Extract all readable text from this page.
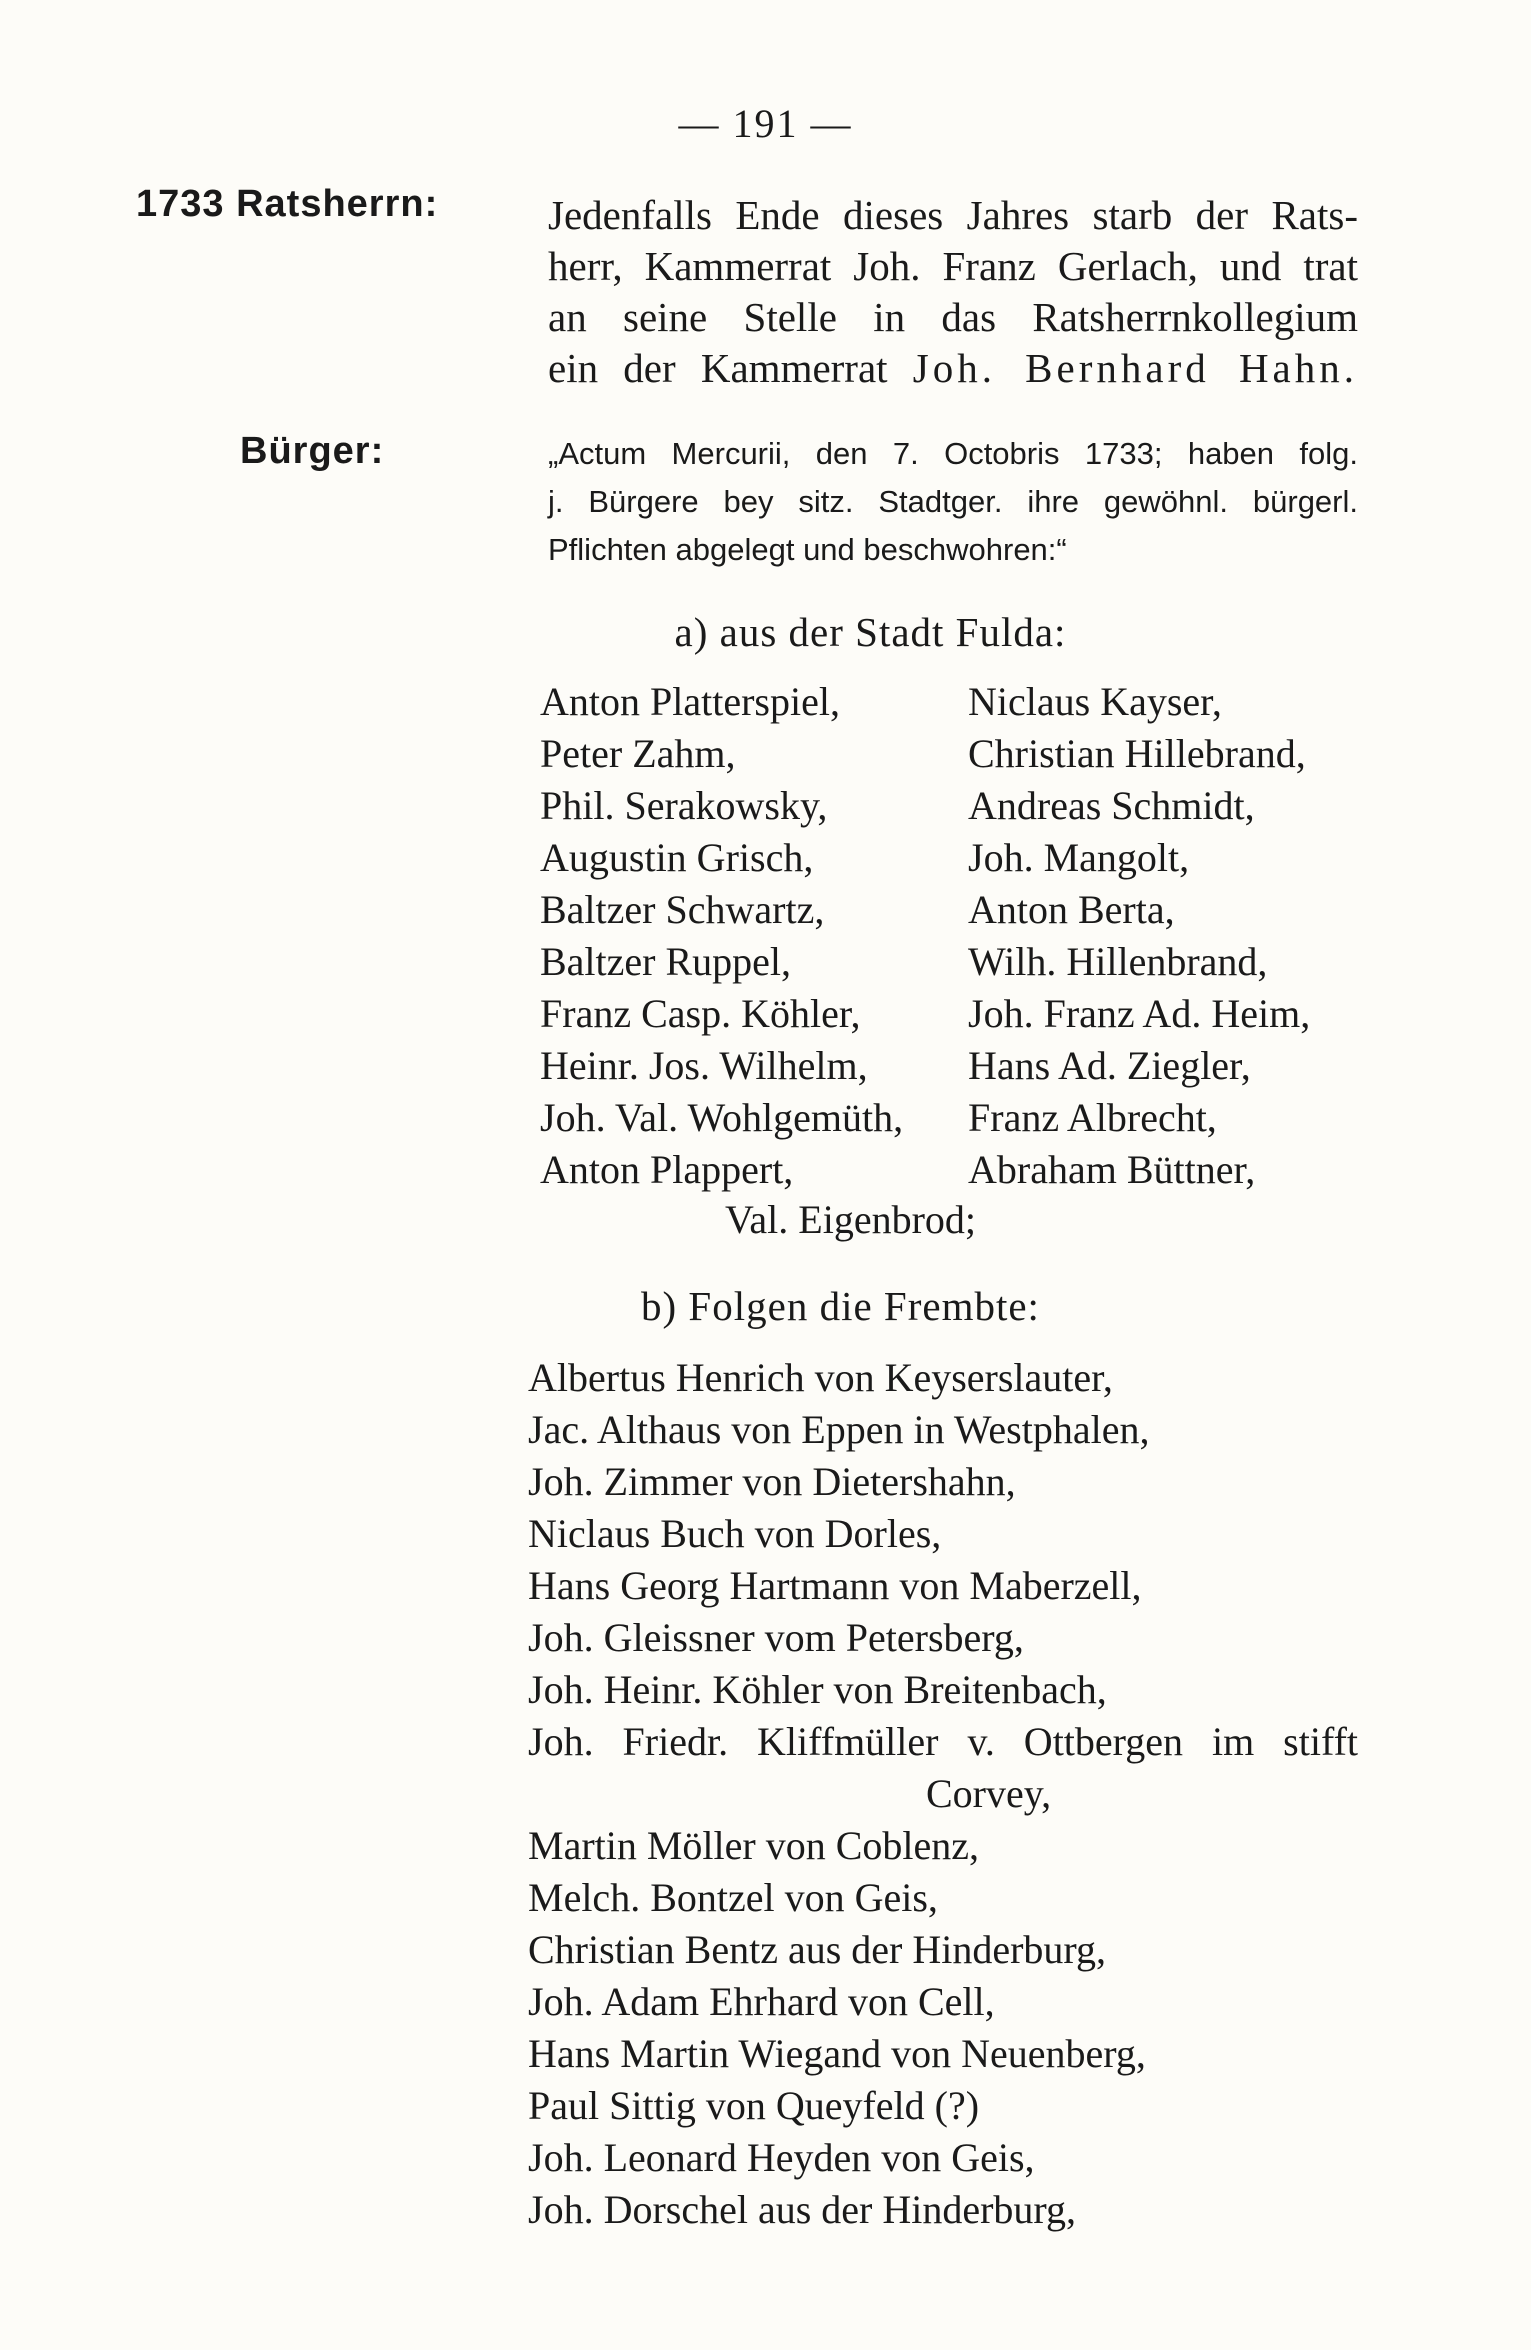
— 191 —
1733 Ratsherrn:
Bürger:
Jedenfalls Ende dieses Jahres starb der Rats-
herr, Kammerrat Joh. Franz Gerlach, und trat
an seine Stelle in das Ratsherrnkollegium
ein der Kammerrat Joh. Bernhard Hahn.
„Actum Mercurii, den 7. Octobris 1733; haben folg.
j. Bürgere bey sitz. Stadtger. ihre gewöhnl. bürgerl.
Pflichten abgelegt und beschwohren:“
a) aus der Stadt Fulda:
Anton Platterspiel,
Peter Zahm,
Phil. Serakowsky,
Augustin Grisch,
Baltzer Schwartz,
Baltzer Ruppel,
Franz Casp. Köhler,
Heinr. Jos. Wilhelm,
Joh. Val. Wohlgemüth,
Anton Plappert,
Niclaus Kayser,
Christian Hillebrand,
Andreas Schmidt,
Joh. Mangolt,
Anton Berta,
Wilh. Hillenbrand,
Joh. Franz Ad. Heim,
Hans Ad. Ziegler,
Franz Albrecht,
Abraham Büttner,
Val. Eigenbrod;
b) Folgen die Frembte:
Albertus Henrich von Keyserslauter,
Jac. Althaus von Eppen in Westphalen,
Joh. Zimmer von Dietershahn,
Niclaus Buch von Dorles,
Hans Georg Hartmann von Maberzell,
Joh. Gleissner vom Petersberg,
Joh. Heinr. Köhler von Breitenbach,
Joh. Friedr. Kliffmüller v. Ottbergen im stifft
Corvey,
Martin Möller von Coblenz,
Melch. Bontzel von Geis,
Christian Bentz aus der Hinderburg,
Joh. Adam Ehrhard von Cell,
Hans Martin Wiegand von Neuenberg,
Paul Sittig von Queyfeld (?)
Joh. Leonard Heyden von Geis,
Joh. Dorschel aus der Hinderburg,
